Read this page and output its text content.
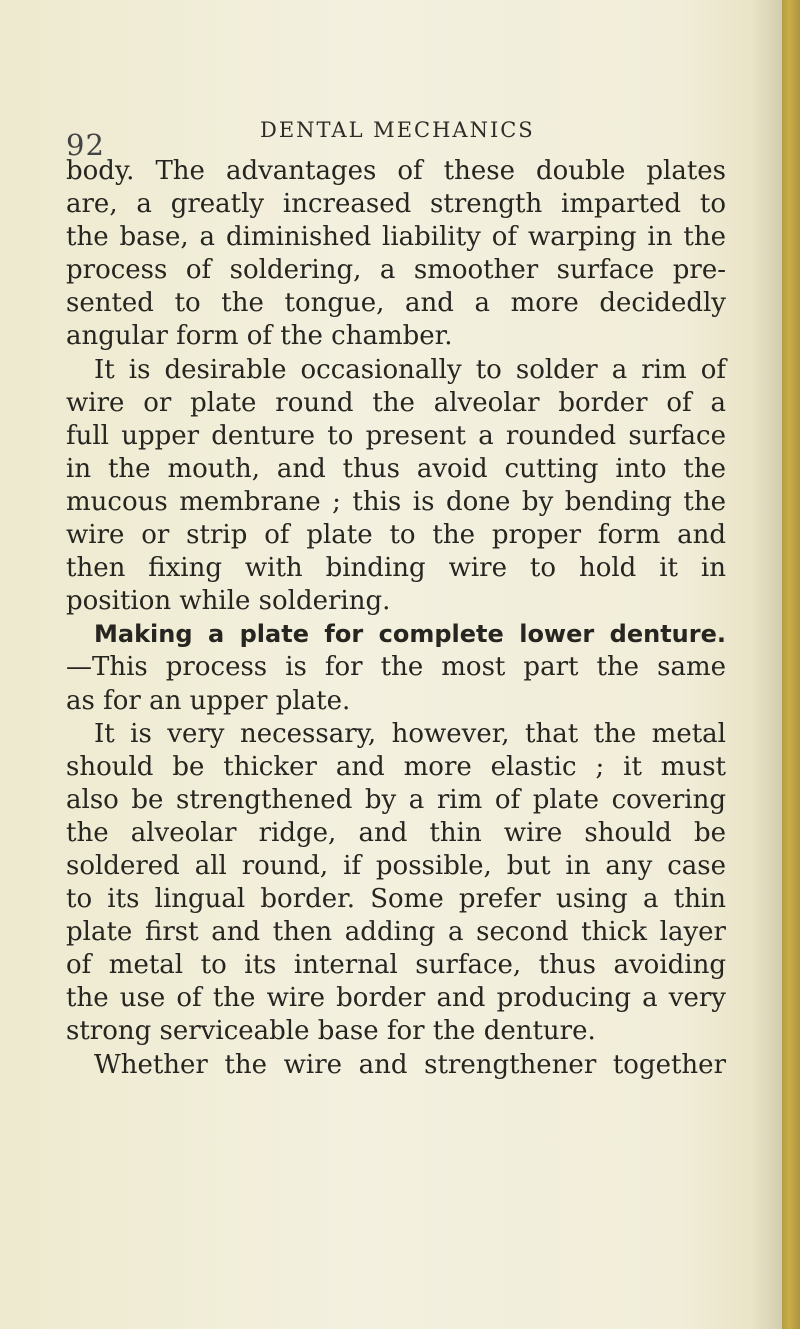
92	DENTAL MECHANICS
body. The advantages of these double plates
are, a greatly increased strength imparted to
the base, a diminished liability of warping in the
process of soldering, a smoother surface pre-
sented to the tongue, and a more decidedly
angular form of the chamber.
It is desirable occasionally to solder a rim of
wire or plate round the alveolar border of a
full upper denture to present a rounded surface
in the mouth, and thus avoid cutting into the
mucous membrane ; this is done by bending the
wire or strip of plate to the proper form and
then fixing with binding wire to hold it in
position while soldering.
Making a plate for complete lower denture.
—This process is for the most part the same
as for an upper plate.
It is very necessary, however, that the metal
should be thicker and more elastic ; it must
also be strengthened by a rim of plate covering
the alveolar ridge, and thin wire should be
soldered all round, if possible, but in any case
to its lingual border. Some prefer using a thin
plate first and then adding a second thick layer
of metal to its internal surface, thus avoiding
the use of the wire border and producing a very
strong serviceable base for the denture.
Whether the wire and strengthener together
